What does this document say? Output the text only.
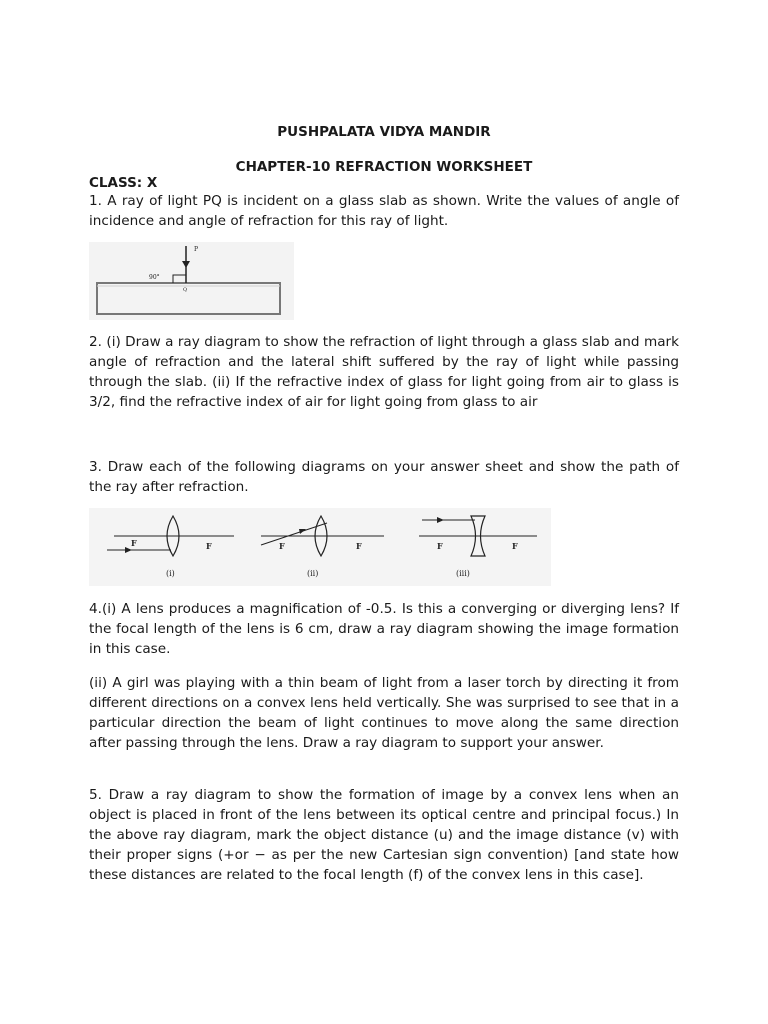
PUSHPALATA VIDYA MANDIR
CHAPTER-10 REFRACTION WORKSHEET
CLASS: X
1. A ray of light PQ is incident on a glass slab as shown. Write the values of angle of incidence and angle of refraction for this ray of light.
P
90°
Q
2. (i) Draw a ray diagram to show the refraction of light through a glass slab and mark angle of refraction and the lateral shift suffered by the ray of light while passing through the slab. (ii) If the refractive index of glass for light going from air to glass is 3/2, find the refractive index of air for light going from glass to air
3. Draw each of the following diagrams on your answer sheet and show the path of the ray after refraction.
F	F
(i)
F	F
(ii)
F	F
(iii)
4.(i) A lens produces a magnification of -0.5. Is this a converging or diverging lens? If the focal length of the lens is 6 cm, draw a ray diagram showing the image formation in this case.
(ii) A girl was playing with a thin beam of light from a laser torch by directing it from different directions on a convex lens held vertically. She was surprised to see that in a particular direction the beam of light continues to move along the same direction after passing through the lens. Draw a ray diagram to support your answer.
5. Draw a ray diagram to show the formation of image by a convex lens when an object is placed in front of the lens between its optical centre and principal focus.) In the above ray diagram, mark the object distance (u) and the image distance (v) with their proper signs (+or − as per the new Cartesian sign convention) [and state how these distances are related to the focal length (f) of the convex lens in this case].
